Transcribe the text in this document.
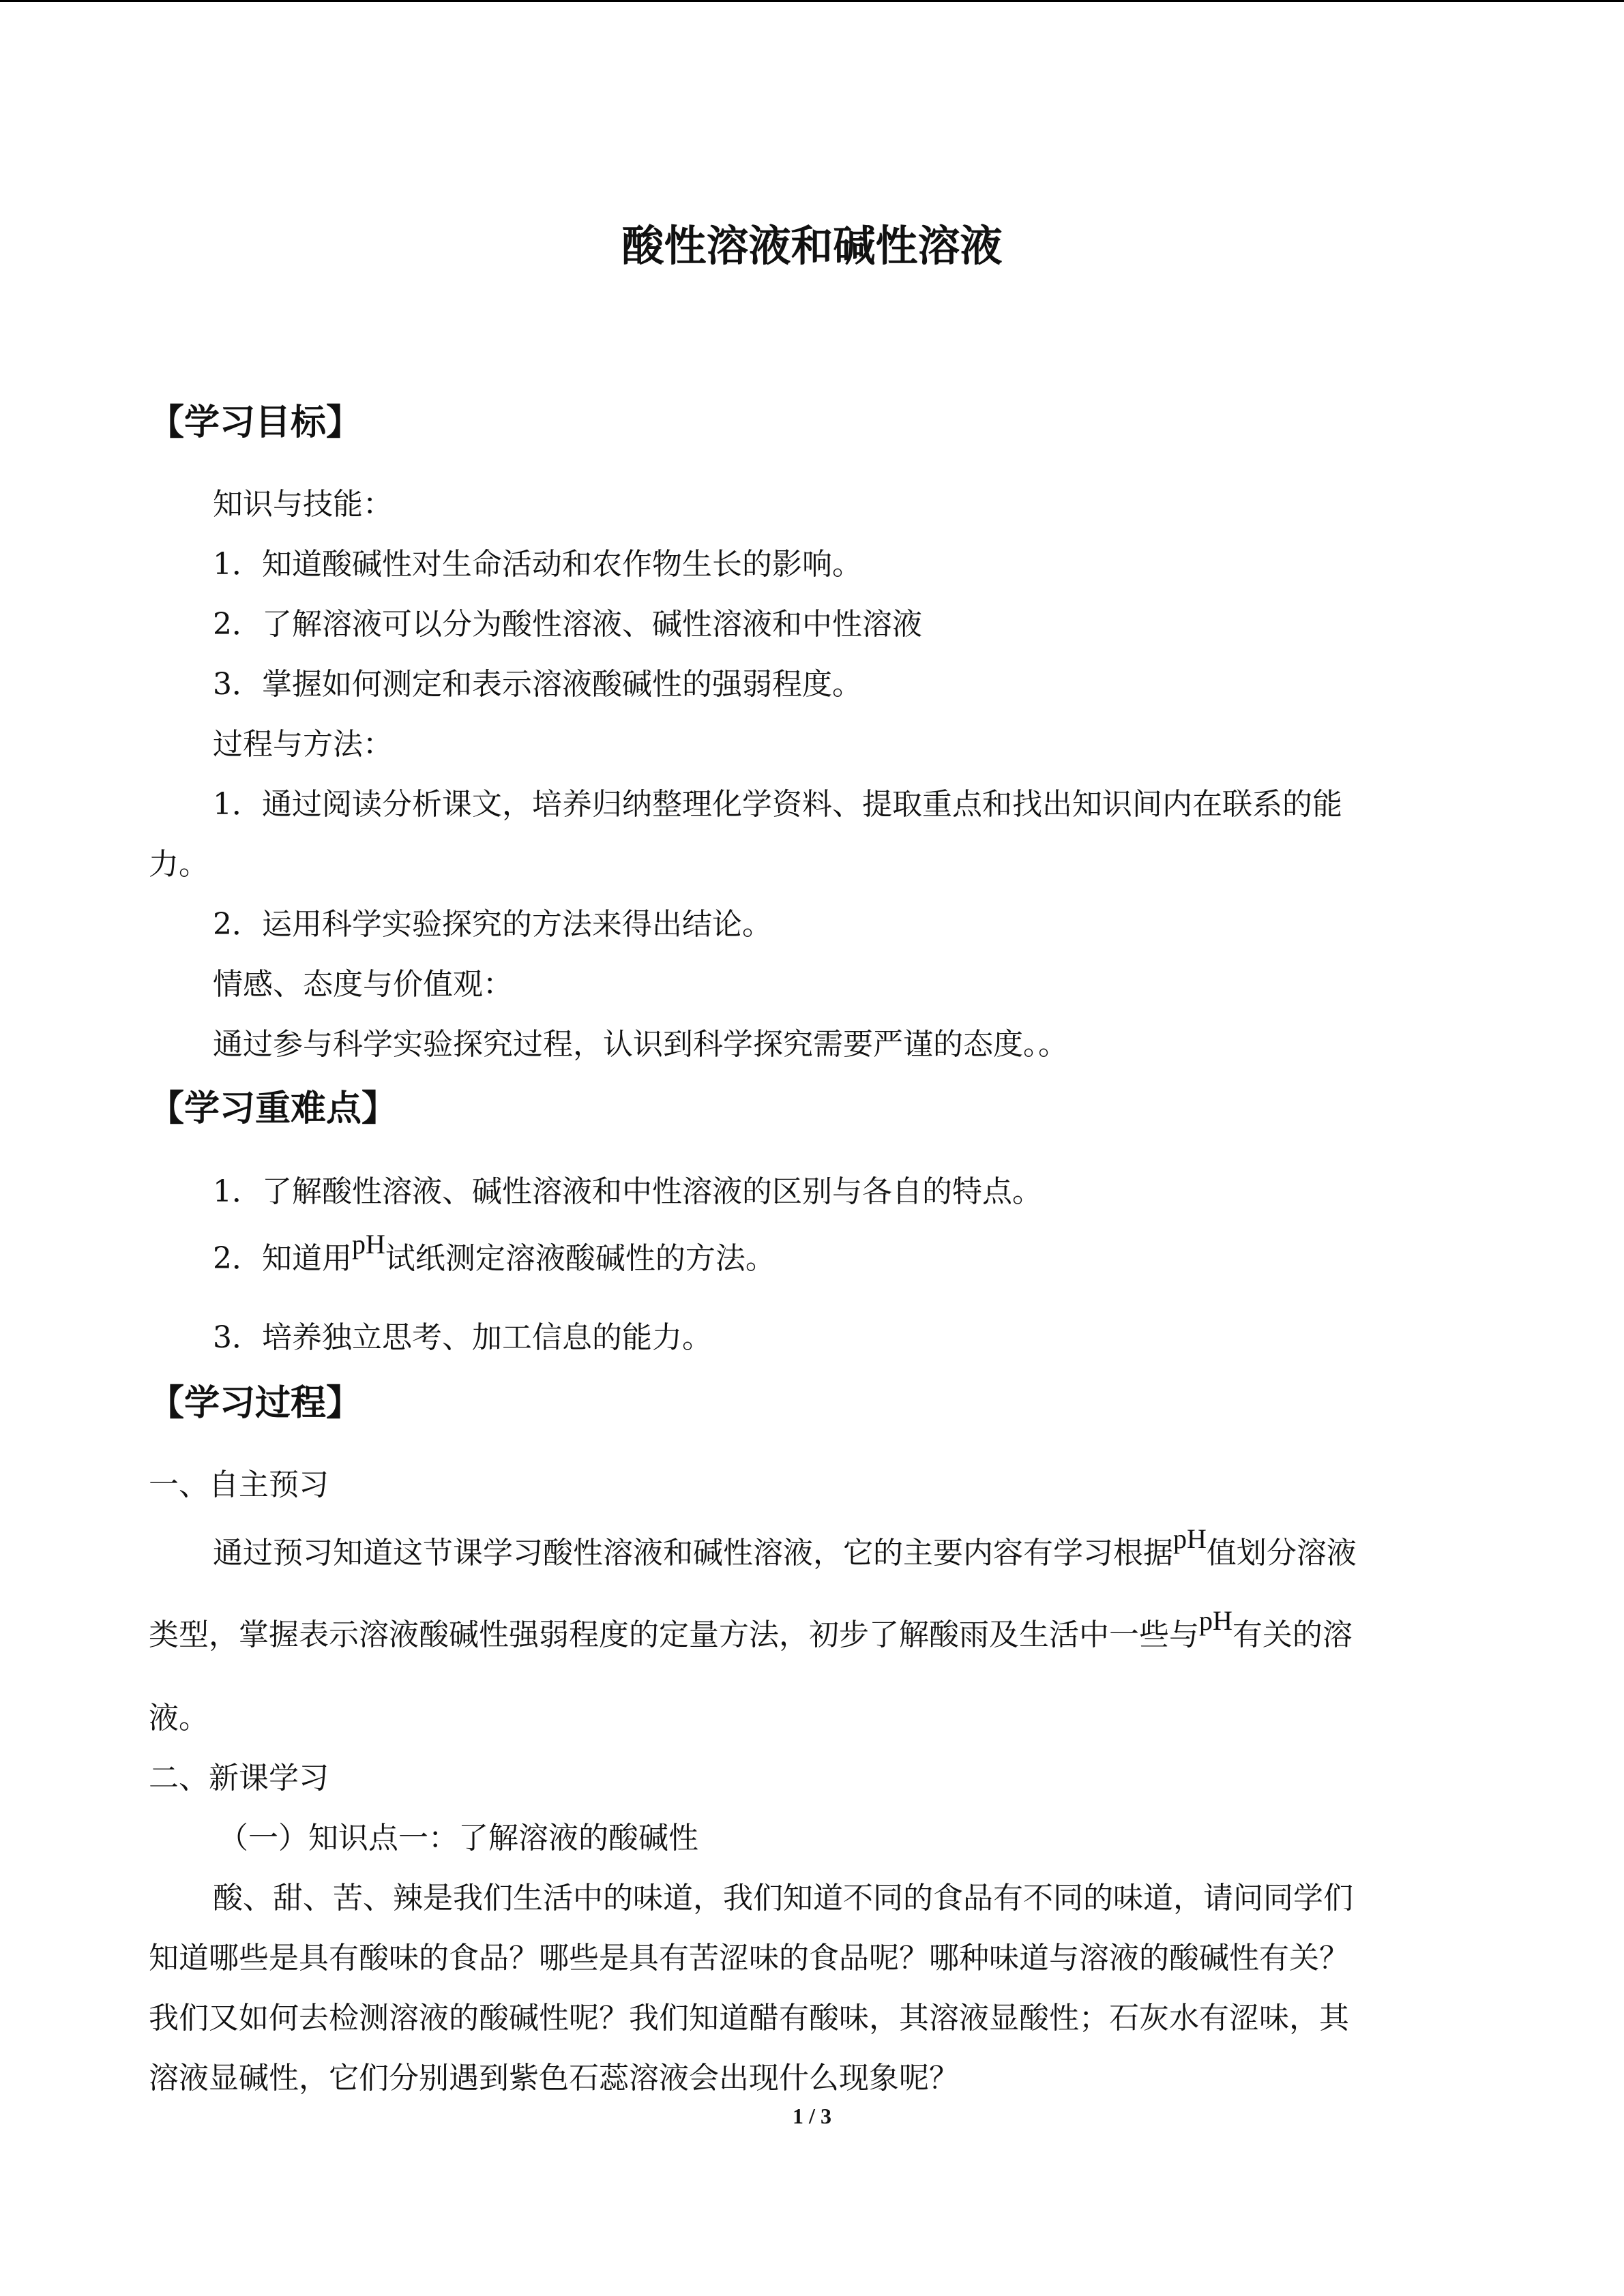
酸性溶液和碱性溶液
【学习目标】
知识与技能：
1．知道酸碱性对生命活动和农作物生长的影响。
2．了解溶液可以分为酸性溶液、碱性溶液和中性溶液
3．掌握如何测定和表示溶液酸碱性的强弱程度。
过程与方法：
1．通过阅读分析课文，培养归纳整理化学资料、提取重点和找出知识间内在联系的能
力。
2．运用科学实验探究的方法来得出结论。
情感、态度与价值观：
通过参与科学实验探究过程，认识到科学探究需要严谨的态度。。
【学习重难点】
1．了解酸性溶液、碱性溶液和中性溶液的区别与各自的特点。
2．知道用pH试纸测定溶液酸碱性的方法。
3．培养独立思考、加工信息的能力。
【学习过程】
一、自主预习
通过预习知道这节课学习酸性溶液和碱性溶液，它的主要内容有学习根据pH值划分溶液
类型，掌握表示溶液酸碱性强弱程度的定量方法，初步了解酸雨及生活中一些与pH有关的溶
液。
二、新课学习
（一）知识点一：了解溶液的酸碱性
酸、甜、苦、辣是我们生活中的味道，我们知道不同的食品有不同的味道，请问同学们
知道哪些是具有酸味的食品？哪些是具有苦涩味的食品呢？哪种味道与溶液的酸碱性有关？
我们又如何去检测溶液的酸碱性呢？我们知道醋有酸味，其溶液显酸性；石灰水有涩味，其
溶液显碱性，它们分别遇到紫色石蕊溶液会出现什么现象呢？
1 / 3
